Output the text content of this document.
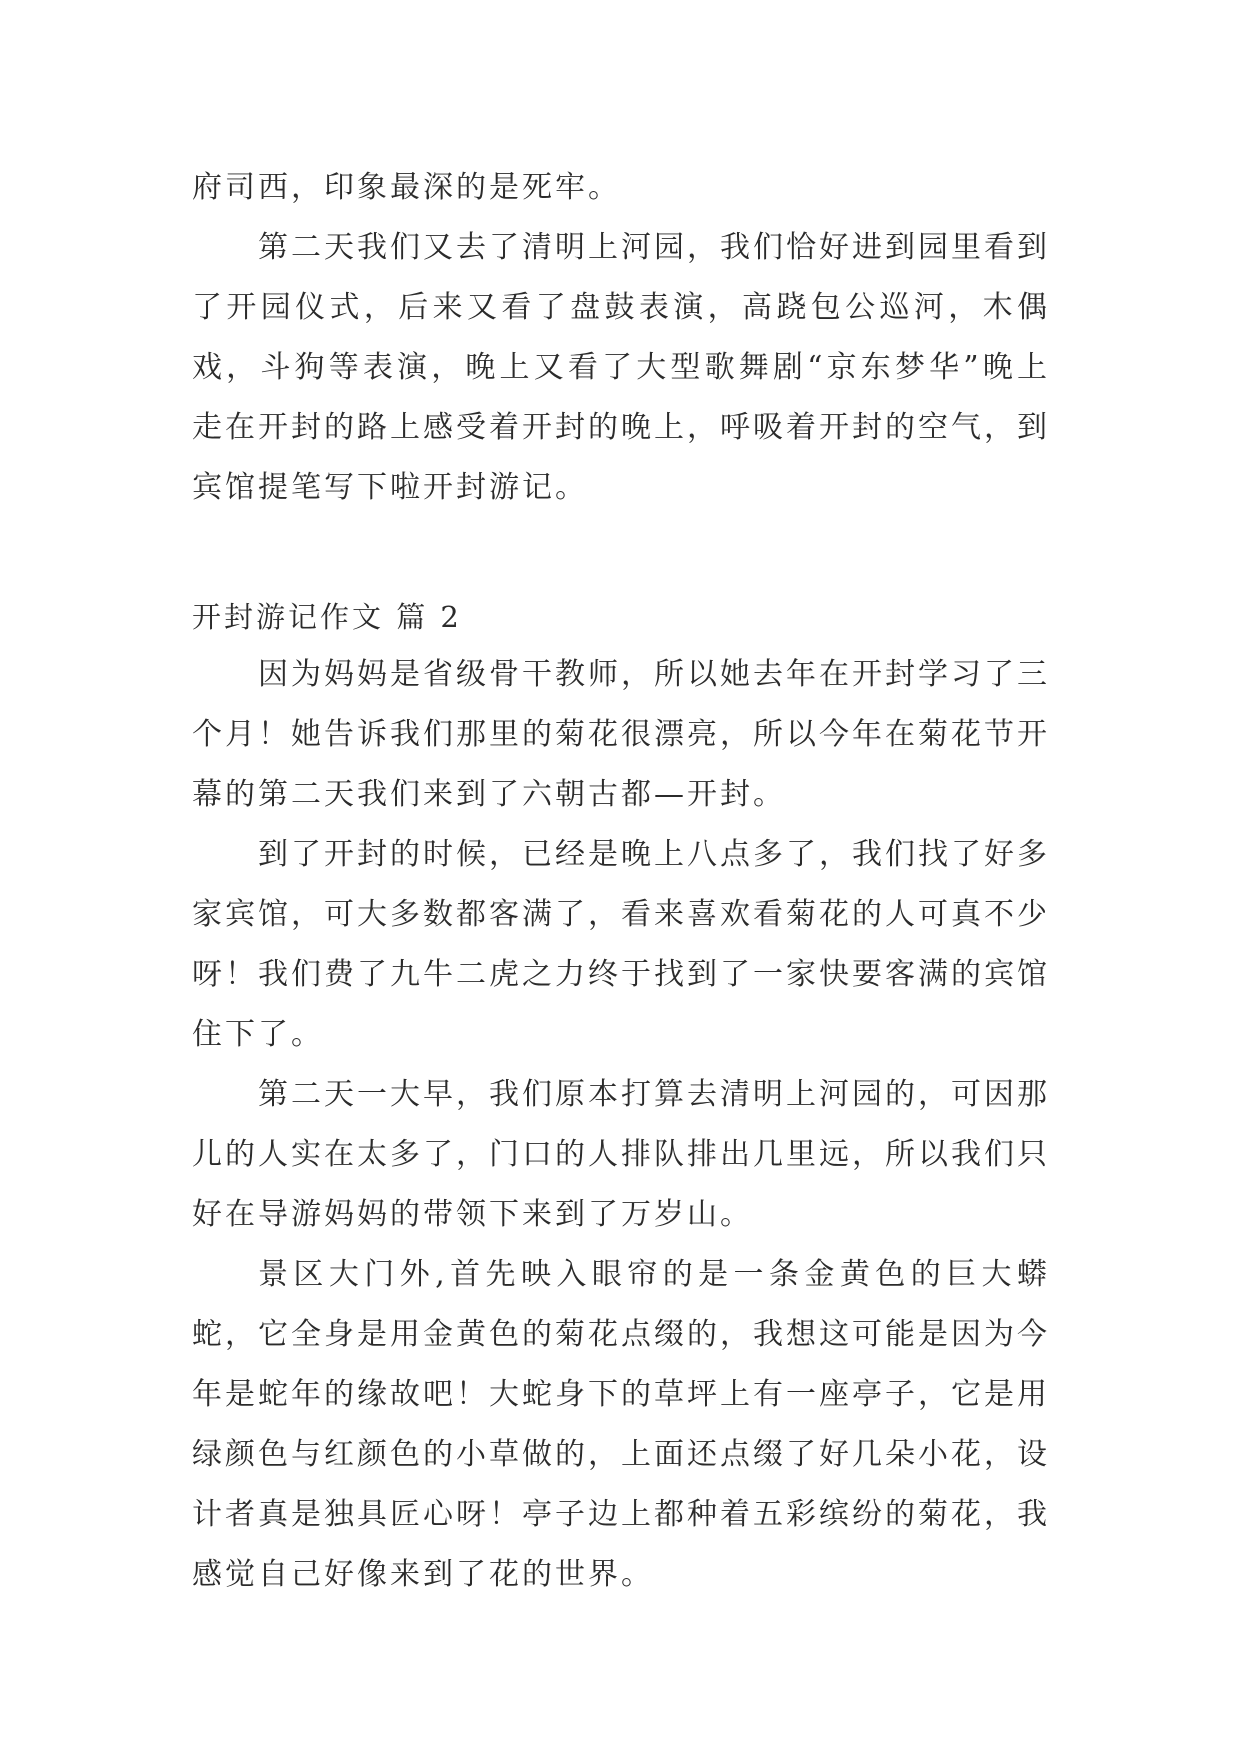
府司西，印象最深的是死牢。

第二天我们又去了清明上河园，我们恰好进到园里看到了开园仪式，后来又看了盘鼓表演，高跷包公巡河，木偶戏，斗狗等表演，晚上又看了大型歌舞剧“京东梦华”晚上走在开封的路上感受着开封的晚上，呼吸着开封的空气，到宾馆提笔写下啦开封游记。

开封游记作文 篇 2

因为妈妈是省级骨干教师，所以她去年在开封学习了三个月！她告诉我们那里的菊花很漂亮，所以今年在菊花节开幕的第二天我们来到了六朝古都—开封。

到了开封的时候，已经是晚上八点多了，我们找了好多家宾馆，可大多数都客满了，看来喜欢看菊花的人可真不少呀！我们费了九牛二虎之力终于找到了一家快要客满的宾馆住下了。

第二天一大早，我们原本打算去清明上河园的，可因那儿的人实在太多了，门口的人排队排出几里远，所以我们只好在导游妈妈的带领下来到了万岁山。

景区大门外,首先映入眼帘的是一条金黄色的巨大蟒蛇，它全身是用金黄色的菊花点缀的，我想这可能是因为今年是蛇年的缘故吧！大蛇身下的草坪上有一座亭子，它是用绿颜色与红颜色的小草做的，上面还点缀了好几朵小花，设计者真是独具匠心呀！亭子边上都种着五彩缤纷的菊花，我感觉自己好像来到了花的世界。
